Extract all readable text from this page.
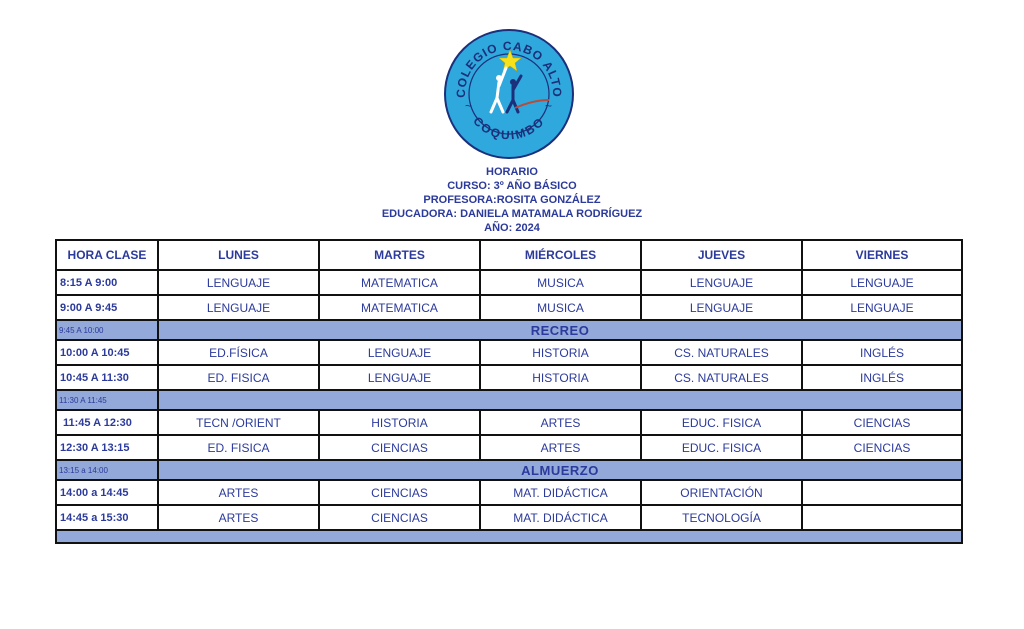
COLEGIO CABO ALTO
COQUIMBO
~	~
HORARIO
CURSO: 3º AÑO BÁSICO
PROFESORA:ROSITA GONZÁLEZ
EDUCADORA: DANIELA MATAMALA RODRÍGUEZ
AÑO: 2024
HORA CLASE	LUNES	MARTES	MIÉRCOLES	JUEVES	VIERNES
8:15 A 9:00	LENGUAJE	MATEMATICA	MUSICA	LENGUAJE	LENGUAJE
9:00 A 9:45	LENGUAJE	MATEMATICA	MUSICA	LENGUAJE	LENGUAJE
9:45 A 10:00	RECREO				
10:00 A 10:45	ED.FÍSICA	LENGUAJE	HISTORIA	CS. NATURALES	INGLÉS
10:45 A 11:30	ED. FISICA	LENGUAJE	HISTORIA	CS. NATURALES	INGLÉS
11:30 A 11:45					
11:45 A 12:30	TECN /ORIENT	HISTORIA	ARTES	EDUC. FISICA	CIENCIAS
12:30 A 13:15	ED. FISICA	CIENCIAS	ARTES	EDUC. FISICA	CIENCIAS
13:15 a 14:00	ALMUERZO				
14:00 a 14:45	ARTES	CIENCIAS	MAT. DIDÁCTICA	ORIENTACIÓN	
14:45 a 15:30	ARTES	CIENCIAS	MAT. DIDÁCTICA	TECNOLOGÍA	
